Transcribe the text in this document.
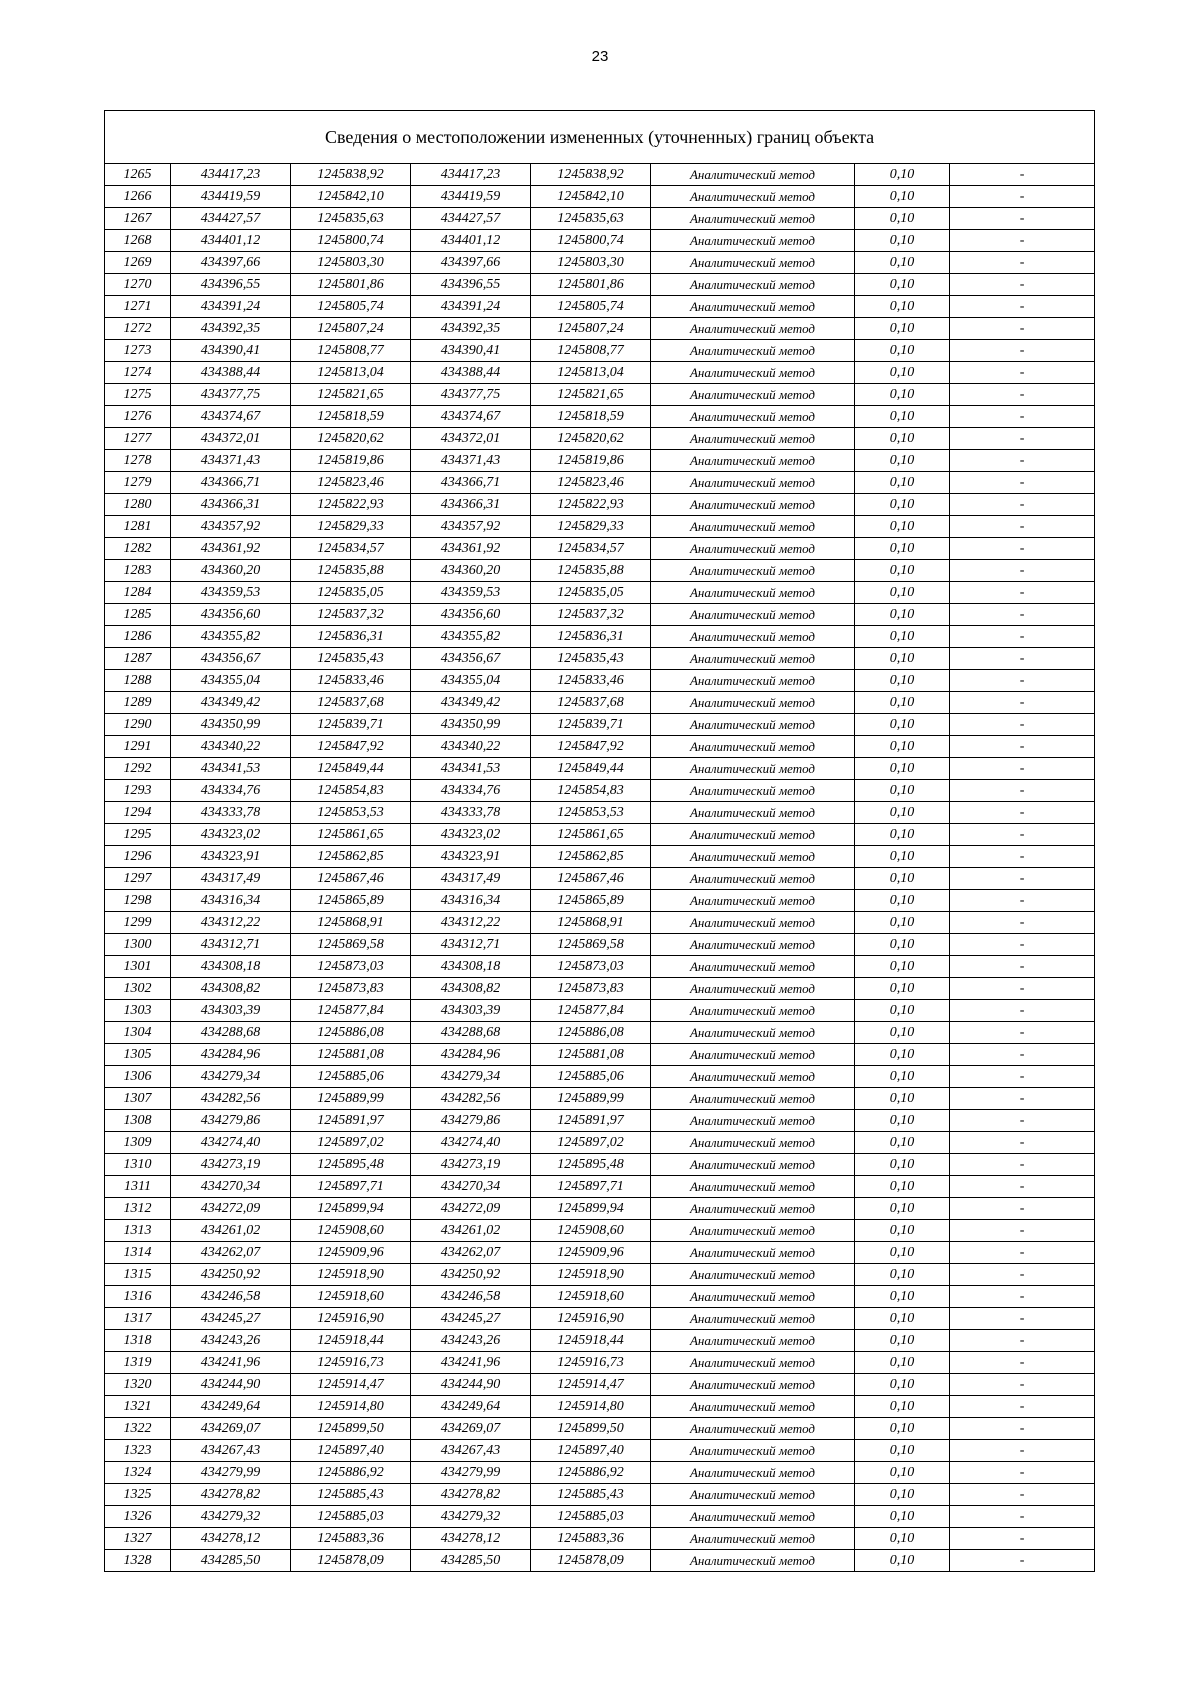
23
Сведения о местоположении измененных (уточненных) границ объекта							
1265	434417,23	1245838,92	434417,23	1245838,92	Аналитический метод	0,10	-
1266	434419,59	1245842,10	434419,59	1245842,10	Аналитический метод	0,10	-
1267	434427,57	1245835,63	434427,57	1245835,63	Аналитический метод	0,10	-
1268	434401,12	1245800,74	434401,12	1245800,74	Аналитический метод	0,10	-
1269	434397,66	1245803,30	434397,66	1245803,30	Аналитический метод	0,10	-
1270	434396,55	1245801,86	434396,55	1245801,86	Аналитический метод	0,10	-
1271	434391,24	1245805,74	434391,24	1245805,74	Аналитический метод	0,10	-
1272	434392,35	1245807,24	434392,35	1245807,24	Аналитический метод	0,10	-
1273	434390,41	1245808,77	434390,41	1245808,77	Аналитический метод	0,10	-
1274	434388,44	1245813,04	434388,44	1245813,04	Аналитический метод	0,10	-
1275	434377,75	1245821,65	434377,75	1245821,65	Аналитический метод	0,10	-
1276	434374,67	1245818,59	434374,67	1245818,59	Аналитический метод	0,10	-
1277	434372,01	1245820,62	434372,01	1245820,62	Аналитический метод	0,10	-
1278	434371,43	1245819,86	434371,43	1245819,86	Аналитический метод	0,10	-
1279	434366,71	1245823,46	434366,71	1245823,46	Аналитический метод	0,10	-
1280	434366,31	1245822,93	434366,31	1245822,93	Аналитический метод	0,10	-
1281	434357,92	1245829,33	434357,92	1245829,33	Аналитический метод	0,10	-
1282	434361,92	1245834,57	434361,92	1245834,57	Аналитический метод	0,10	-
1283	434360,20	1245835,88	434360,20	1245835,88	Аналитический метод	0,10	-
1284	434359,53	1245835,05	434359,53	1245835,05	Аналитический метод	0,10	-
1285	434356,60	1245837,32	434356,60	1245837,32	Аналитический метод	0,10	-
1286	434355,82	1245836,31	434355,82	1245836,31	Аналитический метод	0,10	-
1287	434356,67	1245835,43	434356,67	1245835,43	Аналитический метод	0,10	-
1288	434355,04	1245833,46	434355,04	1245833,46	Аналитический метод	0,10	-
1289	434349,42	1245837,68	434349,42	1245837,68	Аналитический метод	0,10	-
1290	434350,99	1245839,71	434350,99	1245839,71	Аналитический метод	0,10	-
1291	434340,22	1245847,92	434340,22	1245847,92	Аналитический метод	0,10	-
1292	434341,53	1245849,44	434341,53	1245849,44	Аналитический метод	0,10	-
1293	434334,76	1245854,83	434334,76	1245854,83	Аналитический метод	0,10	-
1294	434333,78	1245853,53	434333,78	1245853,53	Аналитический метод	0,10	-
1295	434323,02	1245861,65	434323,02	1245861,65	Аналитический метод	0,10	-
1296	434323,91	1245862,85	434323,91	1245862,85	Аналитический метод	0,10	-
1297	434317,49	1245867,46	434317,49	1245867,46	Аналитический метод	0,10	-
1298	434316,34	1245865,89	434316,34	1245865,89	Аналитический метод	0,10	-
1299	434312,22	1245868,91	434312,22	1245868,91	Аналитический метод	0,10	-
1300	434312,71	1245869,58	434312,71	1245869,58	Аналитический метод	0,10	-
1301	434308,18	1245873,03	434308,18	1245873,03	Аналитический метод	0,10	-
1302	434308,82	1245873,83	434308,82	1245873,83	Аналитический метод	0,10	-
1303	434303,39	1245877,84	434303,39	1245877,84	Аналитический метод	0,10	-
1304	434288,68	1245886,08	434288,68	1245886,08	Аналитический метод	0,10	-
1305	434284,96	1245881,08	434284,96	1245881,08	Аналитический метод	0,10	-
1306	434279,34	1245885,06	434279,34	1245885,06	Аналитический метод	0,10	-
1307	434282,56	1245889,99	434282,56	1245889,99	Аналитический метод	0,10	-
1308	434279,86	1245891,97	434279,86	1245891,97	Аналитический метод	0,10	-
1309	434274,40	1245897,02	434274,40	1245897,02	Аналитический метод	0,10	-
1310	434273,19	1245895,48	434273,19	1245895,48	Аналитический метод	0,10	-
1311	434270,34	1245897,71	434270,34	1245897,71	Аналитический метод	0,10	-
1312	434272,09	1245899,94	434272,09	1245899,94	Аналитический метод	0,10	-
1313	434261,02	1245908,60	434261,02	1245908,60	Аналитический метод	0,10	-
1314	434262,07	1245909,96	434262,07	1245909,96	Аналитический метод	0,10	-
1315	434250,92	1245918,90	434250,92	1245918,90	Аналитический метод	0,10	-
1316	434246,58	1245918,60	434246,58	1245918,60	Аналитический метод	0,10	-
1317	434245,27	1245916,90	434245,27	1245916,90	Аналитический метод	0,10	-
1318	434243,26	1245918,44	434243,26	1245918,44	Аналитический метод	0,10	-
1319	434241,96	1245916,73	434241,96	1245916,73	Аналитический метод	0,10	-
1320	434244,90	1245914,47	434244,90	1245914,47	Аналитический метод	0,10	-
1321	434249,64	1245914,80	434249,64	1245914,80	Аналитический метод	0,10	-
1322	434269,07	1245899,50	434269,07	1245899,50	Аналитический метод	0,10	-
1323	434267,43	1245897,40	434267,43	1245897,40	Аналитический метод	0,10	-
1324	434279,99	1245886,92	434279,99	1245886,92	Аналитический метод	0,10	-
1325	434278,82	1245885,43	434278,82	1245885,43	Аналитический метод	0,10	-
1326	434279,32	1245885,03	434279,32	1245885,03	Аналитический метод	0,10	-
1327	434278,12	1245883,36	434278,12	1245883,36	Аналитический метод	0,10	-
1328	434285,50	1245878,09	434285,50	1245878,09	Аналитический метод	0,10	-
